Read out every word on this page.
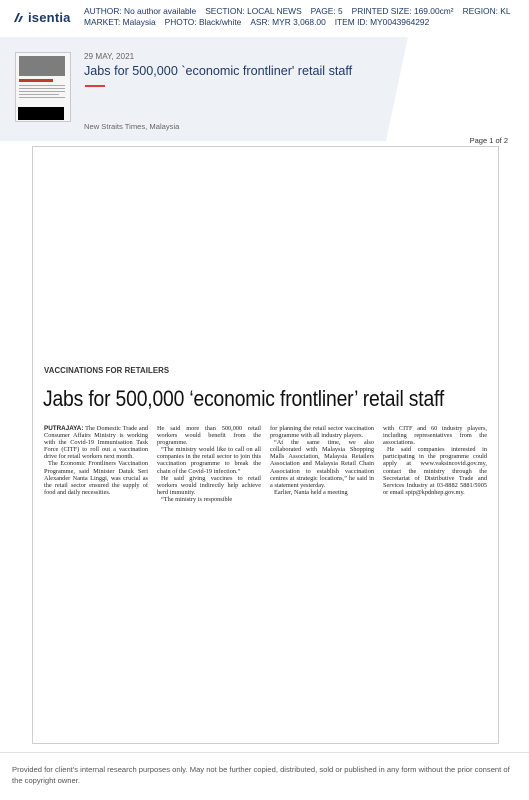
isentia AUTHOR: No author available SECTION: LOCAL NEWS PAGE: 5 PRINTED SIZE: 169.00cm² REGION: KL
MARKET: Malaysia PHOTO: Black/white ASR: MYR 3,068.00 ITEM ID: MY0043964292
29 MAY, 2021
Jabs for 500,000 `economic frontliner' retail staff
New Straits Times, Malaysia
Page 1 of 2
VACCINATIONS FOR RETAILERS
Jabs for 500,000 ‘economic frontliner’ retail staff

PUTRAJAYA: The Domestic Trade and Consumer Affairs Ministry is working with the Covid-19 Immunisation Task Force (CITF) to roll out a vaccination drive for retail workers next month.

The Economic Frontliners Vaccination Programme, said Minister Datuk Seri Alexander Nanta Linggi, was crucial as the retail sector ensured the supply of food and daily necessities.

He said more than 500,000 retail workers would benefit from the programme.

“The ministry would like to call on all companies in the retail sector to join this vaccination programme to break the chain of the Covid-19 infection.”

He said giving vaccines to retail workers would indirectly help achieve herd immunity.

“The ministry is responsible

for planning the retail sector vaccination programme with all industry players.

“At the same time, we also collaborated with Malaysia Shopping Malls Association, Malaysia Retailers Association and Malaysia Retail Chain Association to establish vaccination centres at strategic locations,” he said in a statement yesterday.

Earlier, Nanta held a meeting

with CITF and 60 industry players, including representatives from the associations.

He said companies interested in participating in the programme could apply at www.vaksincovid.gov.my, contact the ministry through the Secretariat of Distributive Trade and Services Industry at 03-8882 5881/5905 or email spip@kpdnhep.gov.my.

Provided for client's internal research purposes only. May not be further copied, distributed, sold or published in any form without the prior consent of the copyright owner.
